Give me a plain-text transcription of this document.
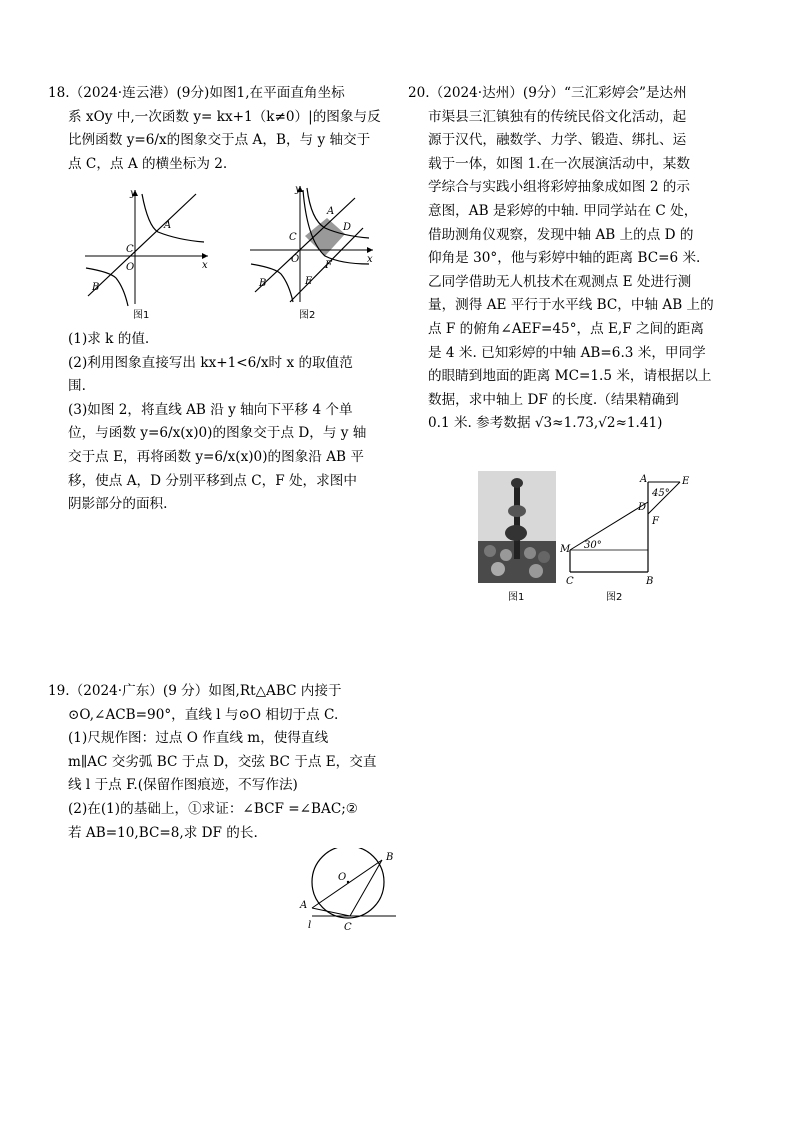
18.（2024·连云港）(9分)如图1,在平面直角坐标

系 xOy 中,一次函数 y= kx+1（k≠0）|的图象与反

比例函数 y=6/x的图象交于点 A，B，与 y 轴交于

点 C，点 A 的横坐标为 2.

y
x
C
O
A
B
图1
y
x
C
O
A
D
F
E
B
图2

(1)求 k 的值.

(2)利用图象直接写出 kx+1<6/x时 x 的取值范

围.

(3)如图 2，将直线 AB 沿 y 轴向下平移 4 个单

位，与函数 y=6/x(x)0)的图象交于点 D，与 y 轴

交于点 E，再将函数 y=6/x(x)0)的图象沿 AB 平

移，使点 A，D 分别平移到点 C，F 处，求图中

阴影部分的面积.

20.（2024·达州）(9分）“三汇彩婷会”是达州

市渠县三汇镇独有的传统民俗文化活动，起

源于汉代，融数学、力学、锻造、绑扎、运

载于一体，如图 1.在一次展演活动中，某数

学综合与实践小组将彩婷抽象成如图 2 的示

意图，AB 是彩婷的中轴. 甲同学站在 C 处，

借助测角仪观察，发现中轴 AB 上的点 D 的

仰角是 30°，他与彩婷中轴的距离 BC=6 米.

乙同学借助无人机技术在观测点 E 处进行测

量，测得 AE 平行于水平线 BC，中轴 AB 上的

点 F 的俯角∠AEF=45°，点 E,F 之间的距离

是 4 米. 已知彩婷的中轴 AB=6.3 米，甲同学

的眼睛到地面的距离 MC=1.5 米，请根据以上

数据，求中轴上 DF 的长度.（结果精确到

0.1 米. 参考数据 √3≈1.73,√2≈1.41)

图1
A	E
45°
D
F
M 30°
C	B
图2

19.（2024·广东）(9 分）如图,Rt△ABC 内接于

⊙O,∠ACB=90°，直线 l 与⊙O 相切于点 C.

(1)尺规作图：过点 O 作直线 m，使得直线

m∥AC 交劣弧 BC 于点 D，交弦 BC 于点 E，交直

线 l 于点 F.(保留作图痕迹，不写作法)

(2)在(1)的基础上，①求证：∠BCF =∠BAC;②

若 AB=10,BC=8,求 DF 的长.

O
B
A
l	C
